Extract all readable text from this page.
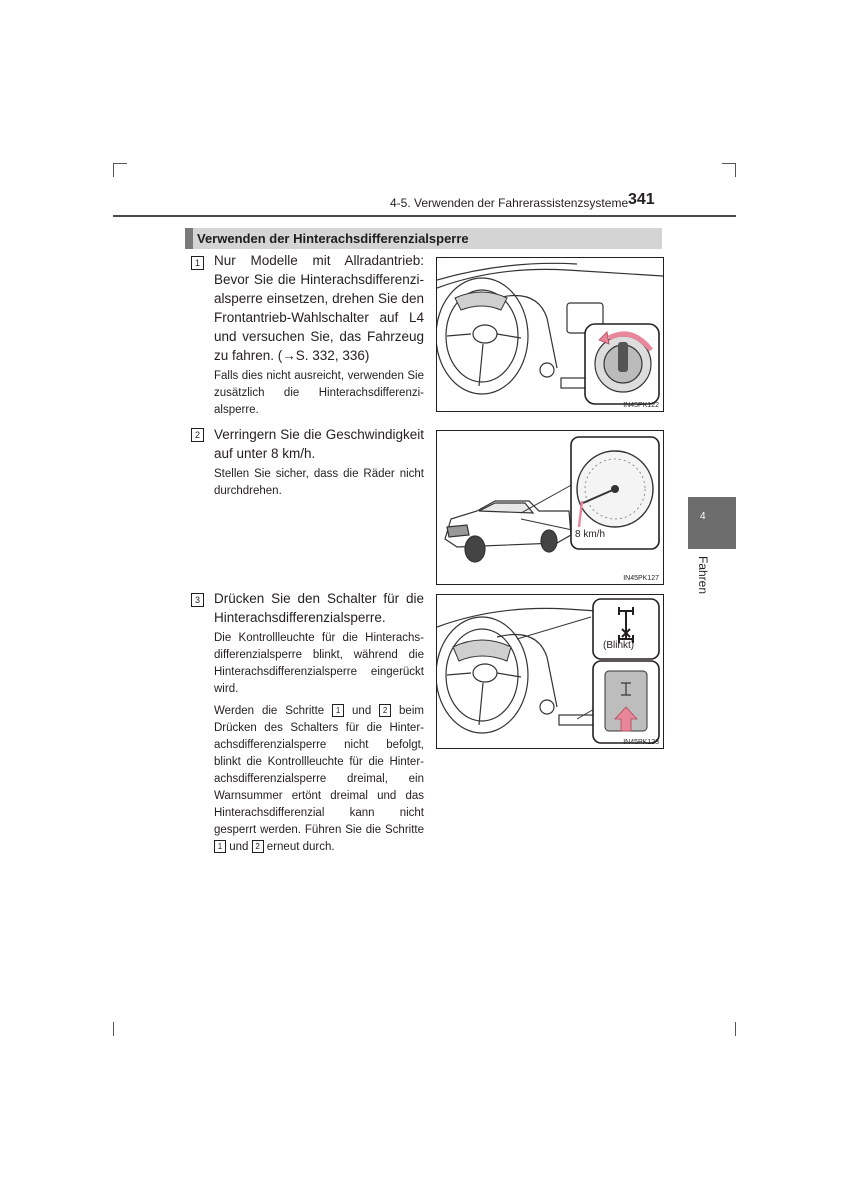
4-5. Verwenden der Fahrerassistenzsysteme 341
Verwenden der Hinterachsdifferenzialsperre
4
Fahren
1 Nur Modelle mit Allradantrieb: Bevor Sie die Hinterachsdifferenzialsperre einsetzen, drehen Sie den Frontantrieb-Wahlschalter auf L4 und versuchen Sie, das Fahrzeug zu fahren. (→S. 332, 336)
Falls dies nicht ausreicht, verwenden Sie zusätzlich die Hinterachsdifferenzialsperre.
2 Verringern Sie die Geschwindigkeit auf unter 8 km/h.
Stellen Sie sicher, dass die Räder nicht durchdrehen.
3 Drücken Sie den Schalter für die Hinterachsdifferenzialsperre.
Die Kontrollleuchte für die Hinterachsdifferenzialsperre blinkt, während die Hinterachsdifferenzialsperre eingerückt wird.
Werden die Schritte 1 und 2 beim Drücken des Schalters für die Hinterachsdifferenzialsperre nicht befolgt, blinkt die Kontrollleuchte für die Hinterachsdifferenzialsperre dreimal, ein Warnsummer ertönt dreimal und das Hinterachsdifferenzial kann nicht gesperrt werden. Führen Sie die Schritte 1 und 2 erneut durch.
IN45PK122
8 km/h
IN45PK127
(Blinkt)
IN45PK123
